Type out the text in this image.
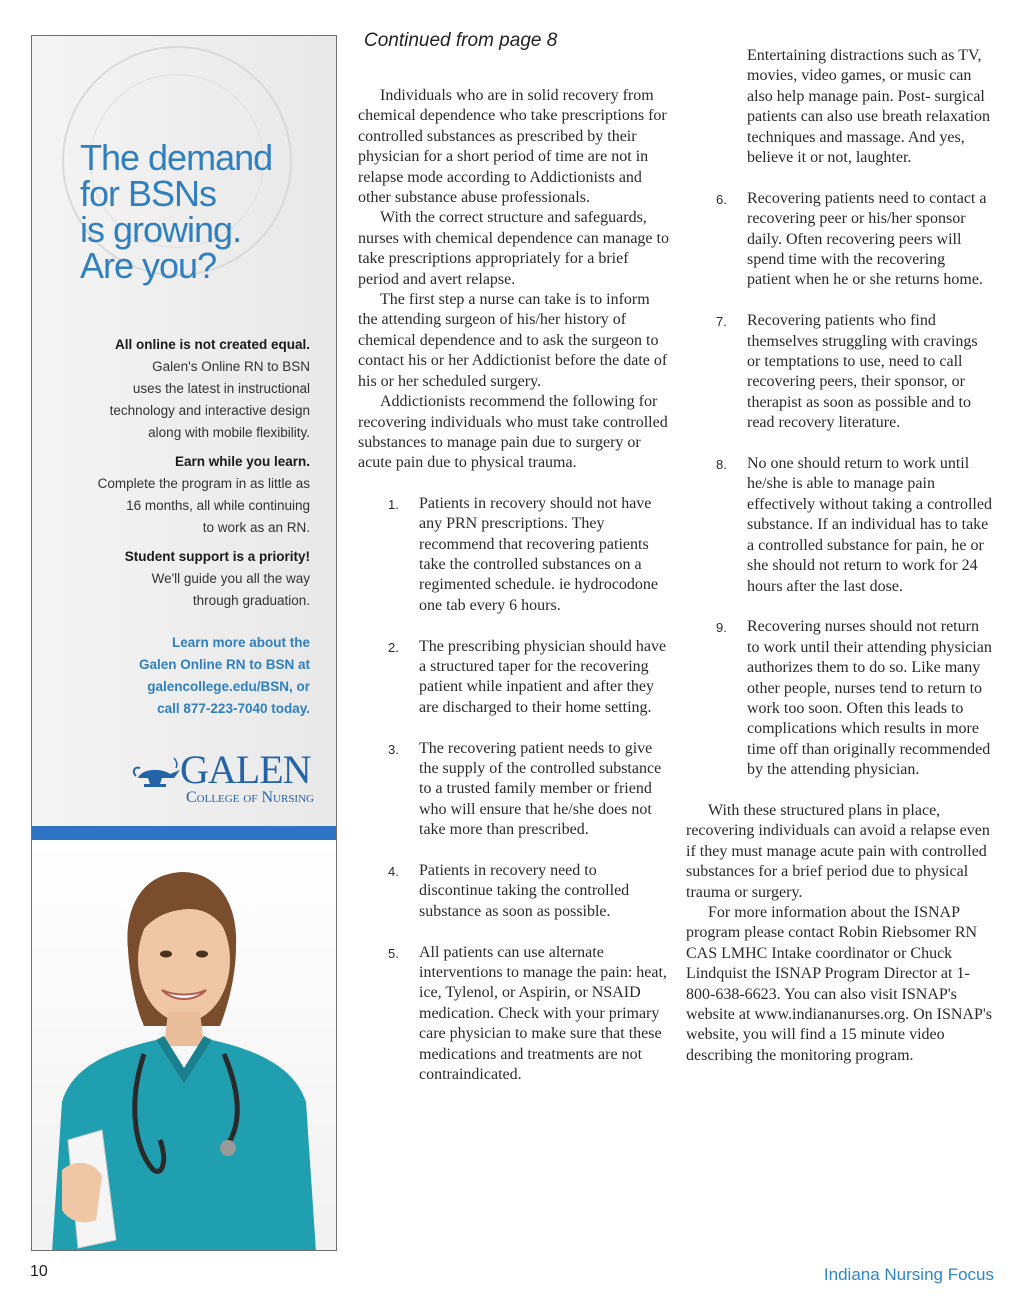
The demand
for BSNs
is growing.
Are you?
All online is not created equal.
Galen's Online RN to BSN
uses the latest in instructional
technology and interactive design
along with mobile flexibility.
Earn while you learn.
Complete the program in as little as
16 months, all while continuing
to work as an RN.
Student support is a priority!
We'll guide you all the way
through graduation.
Learn more about the
Galen Online RN to BSN at
galencollege.edu/BSN, or
call 877-223-7040 today.
GALEN
College of Nursing
Continued from page 8

Individuals who are in solid recovery from chemical dependence who take prescriptions for controlled substances as prescribed by their physician for a short period of time are not in relapse mode according to Addictionists and other substance abuse professionals.

With the correct structure and safeguards, nurses with chemical dependence can manage to take prescriptions appropriately for a brief period and avert relapse.

The first step a nurse can take is to inform the attending surgeon of his/her history of chemical dependence and to ask the surgeon to contact his or her Addictionist before the date of his or her scheduled surgery.

Addictionists recommend the following for recovering individuals who must take controlled substances to manage pain due to surgery or acute pain due to physical trauma.

1. Patients in recovery should not have any PRN prescriptions. They recommend that recovering patients take the controlled substances on a regimented schedule. ie hydrocodone one tab every 6 hours.
2. The prescribing physician should have a structured taper for the recovering patient while inpatient and after they are discharged to their home setting.
3. The recovering patient needs to give the supply of the controlled substance to a trusted family member or friend who will ensure that he/she does not take more than prescribed.
4. Patients in recovery need to discontinue taking the controlled substance as soon as possible.
5. All patients can use alternate interventions to manage the pain: heat, ice, Tylenol, or Aspirin, or NSAID medication. Check with your primary care physician to make sure that these medications and treatments are not contraindicated.
Entertaining distractions such as TV, movies, video games, or music can also help manage pain. Post- surgical patients can also use breath relaxation techniques and massage. And yes, believe it or not, laughter.
6. Recovering patients need to contact a recovering peer or his/her sponsor daily. Often recovering peers will spend time with the recovering patient when he or she returns home.
7. Recovering patients who find themselves struggling with cravings or temptations to use, need to call recovering peers, their sponsor, or therapist as soon as possible and to read recovery literature.
8. No one should return to work until he/she is able to manage pain effectively without taking a controlled substance. If an individual has to take a controlled substance for pain, he or she should not return to work for 24 hours after the last dose.
9. Recovering nurses should not return to work until their attending physician authorizes them to do so. Like many other people, nurses tend to return to work too soon. Often this leads to complications which results in more time off than originally recommended by the attending physician.

With these structured plans in place, recovering individuals can avoid a relapse even if they must manage acute pain with controlled substances for a brief period due to physical trauma or surgery.

For more information about the ISNAP program please contact Robin Riebsomer RN CAS LMHC Intake coordinator or Chuck Lindquist the ISNAP Program Director at 1-800-638-6623. You can also visit ISNAP's website at www.indiananurses.org. On ISNAP's website, you will find a 15 minute video describing the monitoring program.

10	Indiana Nursing Focus
